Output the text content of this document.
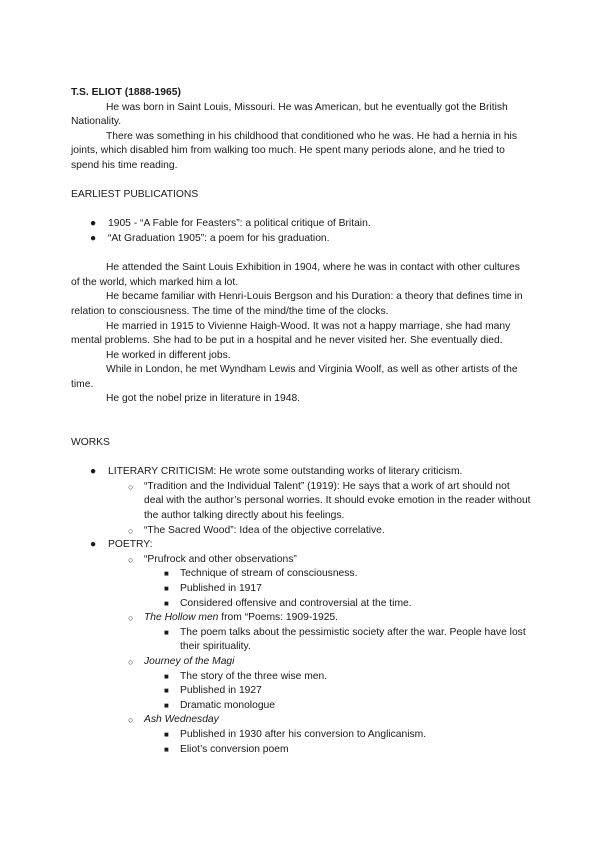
T.S. ELIOT (1888-1965)

He was born in Saint Louis, Missouri. He was American, but he eventually got the British Nationality.

There was something in his childhood that conditioned who he was. He had a hernia in his joints, which disabled him from walking too much. He spent many periods alone, and he tried to spend his time reading.

EARLIEST PUBLICATIONS

● 1905 - “A Fable for Feasters”: a political critique of Britain.
● “At Graduation 1905”: a poem for his graduation.

He attended the Saint Louis Exhibition in 1904, where he was in contact with other cultures of the world, which marked him a lot.

He became familiar with Henri-Louis Bergson and his Duration: a theory that defines time in relation to consciousness. The time of the mind/the time of the clocks.

He married in 1915 to Vivienne Haigh-Wood. It was not a happy marriage, she had many mental problems. She had to be put in a hospital and he never visited her. She eventually died.

He worked in different jobs.

While in London, he met Wyndham Lewis and Virginia Woolf, as well as other artists of the time.

He got the nobel prize in literature in 1948.

WORKS

● LITERARY CRITICISM: He wrote some outstanding works of literary criticism.
○ “Tradition and the Individual Talent” (1919): He says that a work of art should not deal with the author’s personal worries. It should evoke emotion in the reader without the author talking directly about his feelings.
○ “The Sacred Wood”: Idea of the objective correlative.
● POETRY:
○ “Prufrock and other observations”
■ Technique of stream of consciousness.
■ Published in 1917
■ Considered offensive and controversial at the time.
○ The Hollow men from “Poems: 1909-1925.
■ The poem talks about the pessimistic society after the war. People have lost their spirituality.
○ Journey of the Magi
■ The story of the three wise men.
■ Published in 1927
■ Dramatic monologue
○ Ash Wednesday
■ Published in 1930 after his conversion to Anglicanism.
■ Eliot’s conversion poem
